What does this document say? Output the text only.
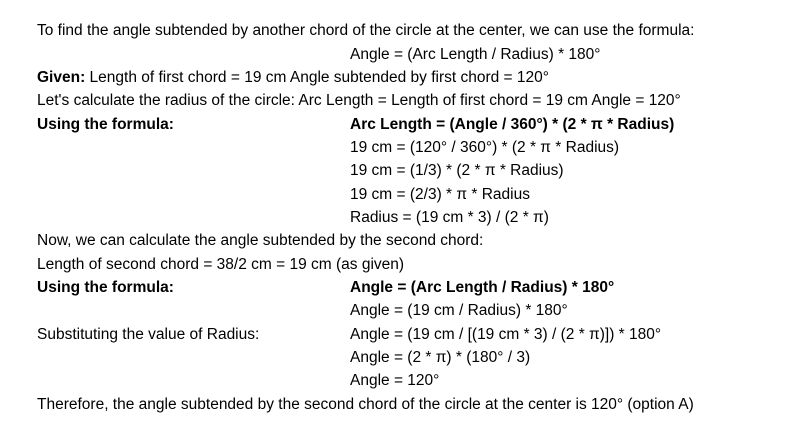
To find the angle subtended by another chord of the circle at the center, we can use the formula:
Angle = (Arc Length / Radius) * 180°
Given: Length of first chord = 19 cm Angle subtended by first chord = 120°
Let's calculate the radius of the circle: Arc Length = Length of first chord = 19 cm Angle = 120°
Using the formula:	Arc Length = (Angle / 360°) * (2 * π * Radius)
19 cm = (120° / 360°) * (2 * π * Radius)
19 cm = (1/3) * (2 * π * Radius)
19 cm = (2/3) * π * Radius
Radius = (19 cm * 3) / (2 * π)
Now, we can calculate the angle subtended by the second chord:
Length of second chord = 38/2 cm = 19 cm (as given)
Using the formula:	Angle = (Arc Length / Radius) * 180°
Angle = (19 cm / Radius) * 180°
Substituting the value of Radius:	Angle = (19 cm / [(19 cm * 3) / (2 * π)]) * 180°
Angle = (2 * π) * (180° / 3)
Angle = 120°
Therefore, the angle subtended by the second chord of the circle at the center is 120° (option A)
